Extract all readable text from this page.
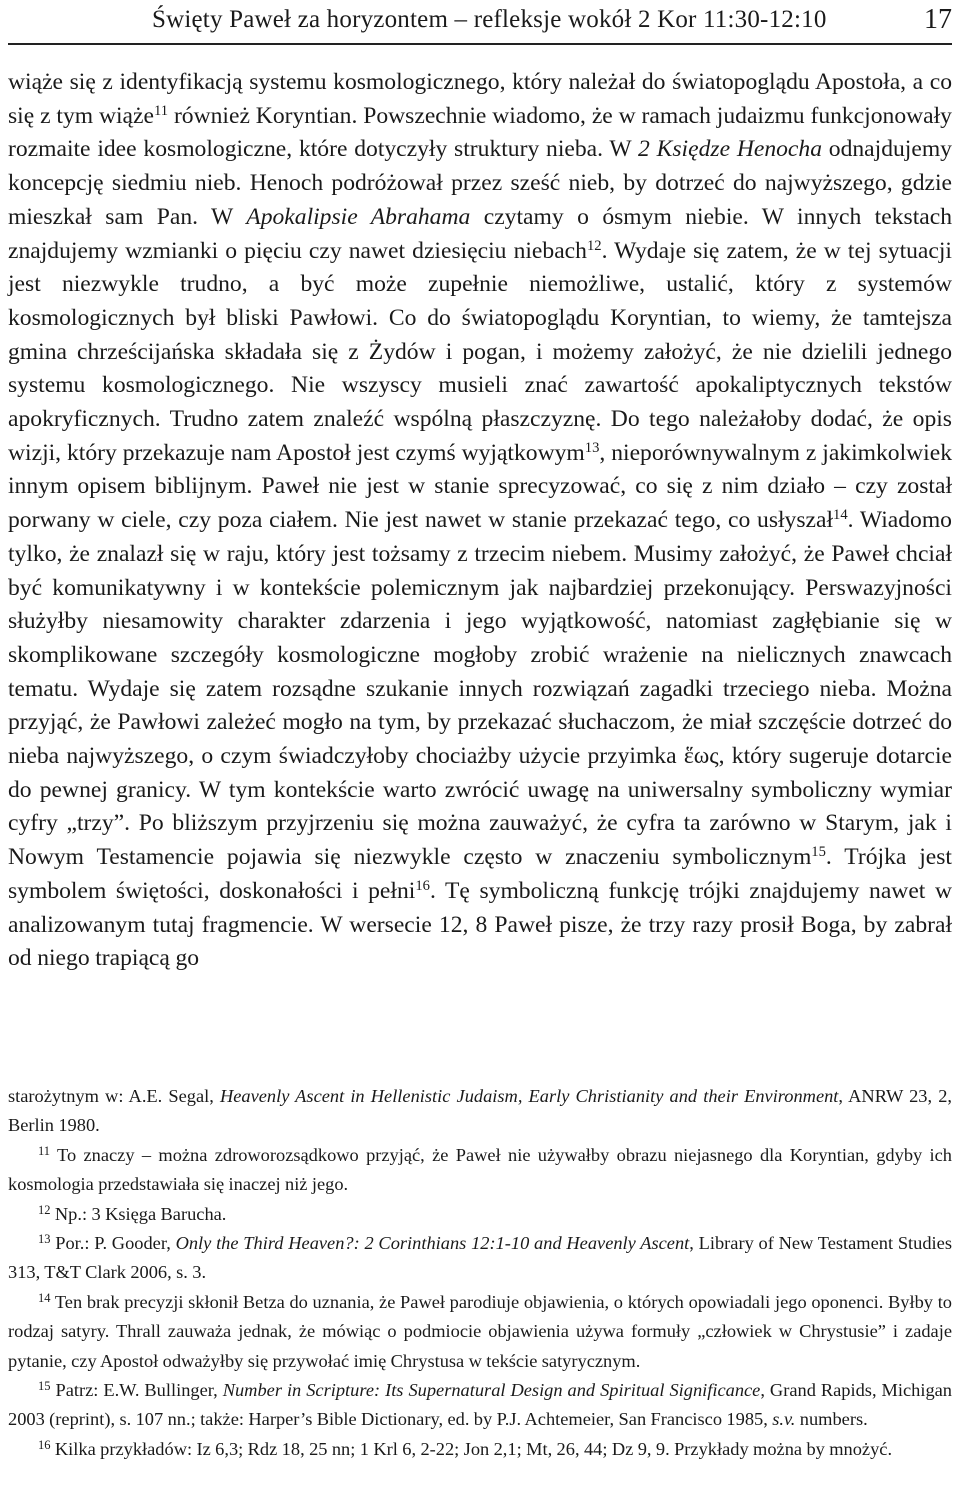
Święty Paweł za horyzontem – refleksje wokół 2 Kor 11:30-12:10	17

wiąże się z identyfikacją systemu kosmologicznego, który należał do światopoglądu Apostoła, a co się z tym wiąże$^{11}$ również Koryntian. Powszechnie wiadomo, że w ramach judaizmu funkcjonowały rozmaite idee kosmologiczne, które dotyczyły struktury nieba. W 2 Księdze Henocha odnajdujemy koncepcję siedmiu nieb. Henoch podróżował przez sześć nieb, by dotrzeć do najwyższego, gdzie mieszkał sam Pan. W Apokalipsie Abrahama czytamy o ósmym niebie. W innych tekstach znajdujemy wzmianki o pięciu czy nawet dziesięciu niebach$^{12}$. Wydaje się zatem, że w tej sytuacji jest niezwykle trudno, a być może zupełnie niemożliwe, ustalić, który z systemów kosmologicznych był bliski Pawłowi. Co do światopoglądu Koryntian, to wiemy, że tamtejsza gmina chrześcijańska składała się z Żydów i pogan, i możemy założyć, że nie dzielili jednego systemu kosmologicznego. Nie wszyscy musieli znać zawartość apokaliptycznych tekstów apokryficznych. Trudno zatem znaleźć wspólną płaszczyznę. Do tego należałoby dodać, że opis wizji, który przekazuje nam Apostoł jest czymś wyjątkowym$^{13}$, nieporównywalnym z jakimkolwiek innym opisem biblijnym. Paweł nie jest w stanie sprecyzować, co się z nim działo – czy został porwany w ciele, czy poza ciałem. Nie jest nawet w stanie przekazać tego, co usłyszał$^{14}$. Wiadomo tylko, że znalazł się w raju, który jest tożsamy z trzecim niebem. Musimy założyć, że Paweł chciał być komunikatywny i w kontekście polemicznym jak najbardziej przekonujący. Perswazyjności służyłby niesamowity charakter zdarzenia i jego wyjątkowość, natomiast zagłębianie się w skomplikowane szczegóły kosmologiczne mogłoby zrobić wrażenie na nielicznych znawcach tematu. Wydaje się zatem rozsądne szukanie innych rozwiązań zagadki trzeciego nieba. Można przyjąć, że Pawłowi zależeć mogło na tym, by przekazać słuchaczom, że miał szczęście dotrzeć do nieba najwyższego, o czym świadczyłoby chociażby użycie przyimka ἕως, który sugeruje dotarcie do pewnej granicy. W tym kontekście warto zwrócić uwagę na uniwersalny symboliczny wymiar cyfry „trzy”. Po bliższym przyjrzeniu się można zauważyć, że cyfra ta zarówno w Starym, jak i Nowym Testamencie pojawia się niezwykle często w znaczeniu symbolicznym$^{15}$. Trójka jest symbolem świętości, doskonałości i pełni$^{16}$. Tę symboliczną funkcję trójki znajdujemy nawet w analizowanym tutaj fragmencie. W wersecie 12, 8 Paweł pisze, że trzy razy prosił Boga, by zabrał od niego trapiącą go

starożytnym w: A.E. Segal, Heavenly Ascent in Hellenistic Judaism, Early Christianity and their Environment, ANRW 23, 2, Berlin 1980.

$^{11}$ To znaczy – można zdroworozsądkowo przyjąć, że Paweł nie używałby obrazu niejasnego dla Koryntian, gdyby ich kosmologia przedstawiała się inaczej niż jego.

$^{12}$ Np.: 3 Księga Barucha.

$^{13}$ Por.: P. Gooder, Only the Third Heaven?: 2 Corinthians 12:1-10 and Heavenly Ascent, Library of New Testament Studies 313, T&T Clark 2006, s. 3.

$^{14}$ Ten brak precyzji skłonił Betza do uznania, że Paweł parodiuje objawienia, o których opowiadali jego oponenci. Byłby to rodzaj satyry. Thrall zauważa jednak, że mówiąc o podmiocie objawienia używa formuły „człowiek w Chrystusie” i zadaje pytanie, czy Apostoł odważyłby się przywołać imię Chrystusa w tekście satyrycznym.

$^{15}$ Patrz: E.W. Bullinger, Number in Scripture: Its Supernatural Design and Spiritual Significance, Grand Rapids, Michigan 2003 (reprint), s. 107 nn.; także: Harper’s Bible Dictionary, ed. by P.J. Achtemeier, San Francisco 1985, s.v. numbers.

$^{16}$ Kilka przykładów: Iz 6,3; Rdz 18, 25 nn; 1 Krl 6, 2-22; Jon 2,1; Mt, 26, 44; Dz 9, 9. Przykłady można by mnożyć.
